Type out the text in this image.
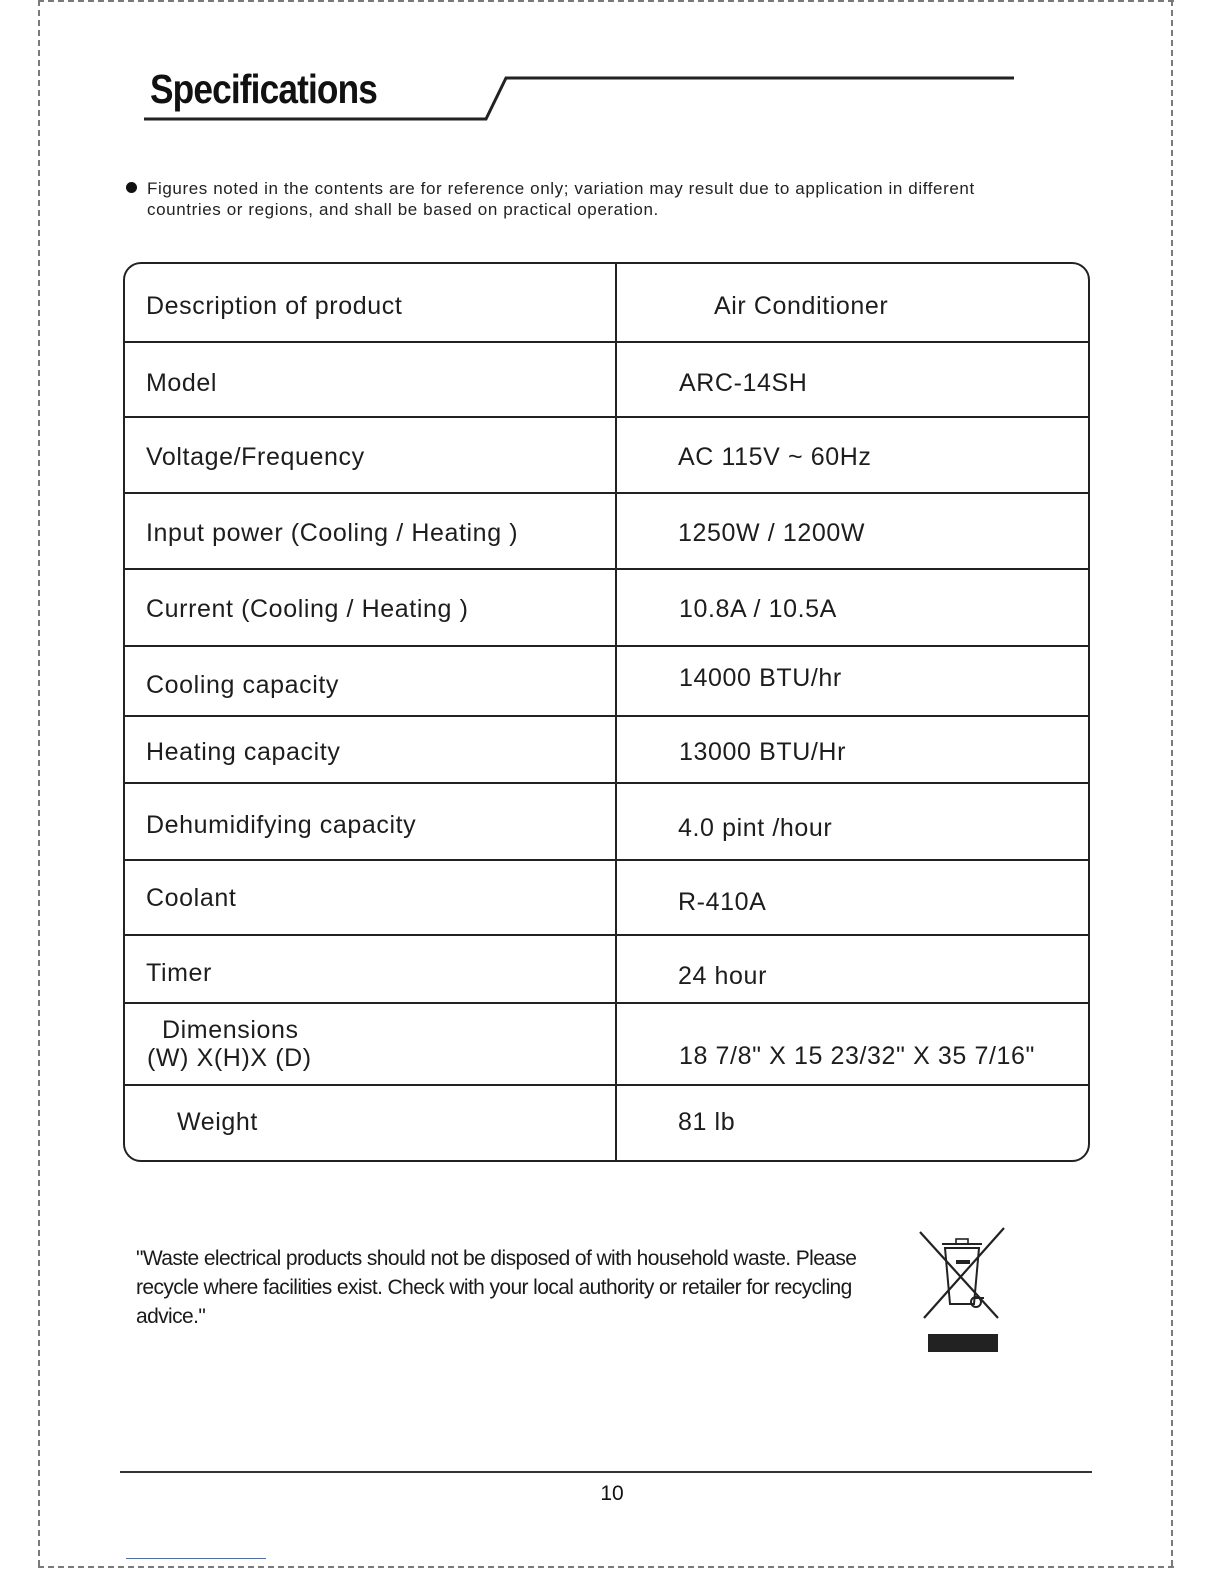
Specifications
Figures noted in the contents are for reference only; variation may result due to application in different countries or regions, and shall be based on practical operation.
Description of product	Air Conditioner
Model	ARC-14SH
Voltage/Frequency	AC 115V ~ 60Hz
Input power (Cooling / Heating )	1250W / 1200W
Current (Cooling / Heating )	10.8A / 10.5A
Cooling capacity	14000 BTU/hr
Heating capacity	13000 BTU/Hr
Dehumidifying capacity	4.0 pint /hour
Coolant	R-410A
Timer	24 hour
Dimensions
(W) X(H)X (D)	18 7/8" X 15 23/32" X 35 7/16"
Weight	81 lb
"Waste electrical products should not be disposed of with household waste. Please recycle where facilities exist. Check with your local authority or retailer for recycling advice."
10
